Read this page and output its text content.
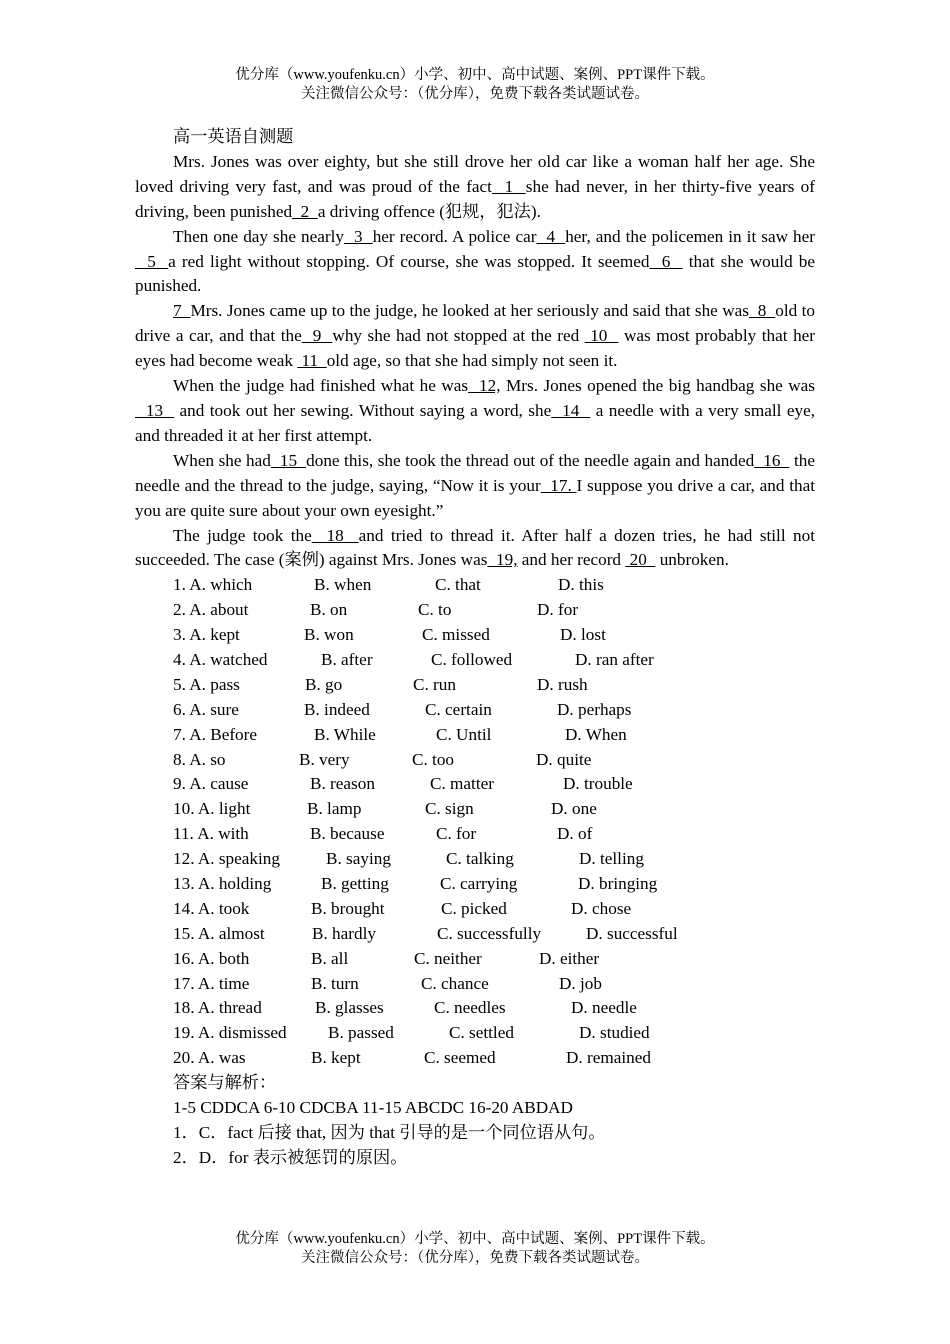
优分库（www.youfenku.cn）小学、初中、高中试题、案例、PPT课件下载。
关注微信公众号：（优分库），免费下载各类试题试卷。

高一英语自测题

Mrs. Jones was over eighty, but she still drove her old car like a woman half her age. She loved driving very fast, and was proud of the fact  1  she had never, in her thirty-five years of driving, been punished  2  a driving offence (犯规，犯法).

Then one day she nearly  3  her record. A police car  4  her, and the policemen in it saw her  5  a red light without stopping. Of course, she was stopped. It seemed  6   that she would be punished.

7  Mrs. Jones came up to the judge, he looked at her seriously and said that she was  8  old to drive a car, and that the  9  why she had not stopped at the red  10   was most probably that her eyes had become weak  11  old age, so that she had simply not seen it.

When the judge had finished what he was  12, Mrs. Jones opened the big handbag she was  13   and took out her sewing. Without saying a word, she  14   a needle with a very small eye, and threaded it at her first attempt.

When she had  15  done this, she took the thread out of the needle again and handed  16   the needle and the thread to the judge, saying, “Now it is your  17. I suppose you drive a car, and that you are quite sure about your own eyesight.”

The judge took the  18  and tried to thread it. After half a dozen tries, he had still not succeeded. The case (案例) against Mrs. Jones was  19, and her record  20   unbroken.

1. A. which	B. when	C. that	D. this
2. A. about	B. on	C. to	D. for
3. A. kept	B. won	C. missed	D. lost
4. A. watched	B. after	C. followed	D. ran after
5. A. pass	B. go	C. run	D. rush
6. A. sure	B. indeed	C. certain	D. perhaps
7. A. Before	B. While	C. Until	D. When
8. A. so	B. very	C. too	D. quite
9. A. cause	B. reason	C. matter	D. trouble
10. A. light	B. lamp	C. sign	D. one
11. A. with	B. because	C. for	D. of
12. A. speaking	B. saying	C. talking	D. telling
13. A. holding	B. getting	C. carrying	D. bringing
14. A. took	B. brought	C. picked	D. chose
15. A. almost	B. hardly	C. successfully	D. successful
16. A. both	B. all	C. neither	D. either
17. A. time	B. turn	C. chance	D. job
18. A. thread	B. glasses	C. needles	D. needle
19. A. dismissed B. passed	C. settled	D. studied
20. A. was	B. kept	C. seemed	D. remained

答案与解析：

1-5 CDDCA 6-10 CDCBA 11-15 ABCDC 16-20 ABDAD

1．C．fact 后接 that, 因为 that 引导的是一个同位语从句。

2．D．for 表示被惩罚的原因。

优分库（www.youfenku.cn）小学、初中、高中试题、案例、PPT课件下载。
关注微信公众号：（优分库），免费下载各类试题试卷。
